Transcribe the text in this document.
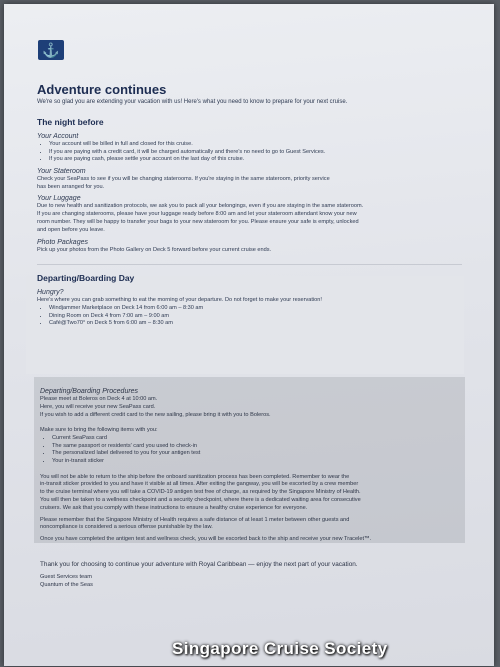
⚓
Adventure continues
We're so glad you are extending your vacation with us! Here's what you need to know to prepare for your next cruise.
The night before
Your Account
• Your account will be billed in full and closed for this cruise.
• If you are paying with a credit card, it will be charged automatically and there's no need to go to Guest Services.
• If you are paying cash, please settle your account on the last day of this cruise.
Your Stateroom

Check your SeaPass to see if you will be changing staterooms. If you're staying in the same stateroom, priority service

has been arranged for you.

Your Luggage

Due to new health and sanitization protocols, we ask you to pack all your belongings, even if you are staying in the same stateroom.

If you are changing staterooms, please have your luggage ready before 8:00 am and let your stateroom attendant know your new

room number. They will be happy to transfer your bags to your new stateroom for you. Please ensure your safe is empty, unlocked

and open before you leave.

Photo Packages

Pick up your photos from the Photo Gallery on Deck 5 forward before your current cruise ends.

Departing/Boarding Day
Hungry?

Here's where you can grab something to eat the morning of your departure. Do not forget to make your reservation!

• Windjammer Marketplace on Deck 14 from 6:00 am – 8:30 am
• Dining Room on Deck 4 from 7:00 am – 9:00 am
• Café@Two70° on Deck 5 from 6:00 am – 8:30 am
Departing/Boarding Procedures

Please meet at Boleros on Deck 4 at 10:00 am.

Here, you will receive your new SeaPass card.

If you wish to add a different credit card to the new sailing, please bring it with you to Boleros.

Make sure to bring the following items with you:

• Current SeaPass card
• The same passport or residents' card you used to check-in
• The personalized label delivered to you for your antigen test
• Your in-transit sticker

You will not be able to return to the ship before the onboard sanitization process has been completed. Remember to wear the

in-transit sticker provided to you and have it visible at all times. After exiting the gangway, you will be escorted by a crew member

to the cruise terminal where you will take a COVID-19 antigen test free of charge, as required by the Singapore Ministry of Health.

You will then be taken to a wellness checkpoint and a security checkpoint, where there is a dedicated waiting area for consecutive

cruisers. We ask that you comply with these instructions to ensure a healthy cruise experience for everyone.

Please remember that the Singapore Ministry of Health requires a safe distance of at least 1 meter between other guests and

noncompliance is considered a serious offense punishable by the law.

Once you have completed the antigen test and wellness check, you will be escorted back to the ship and receive your new Tracelet™.

Thank you for choosing to continue your adventure with Royal Caribbean — enjoy the next part of your vacation.

Guest Services team

Quantum of the Seas

Singapore Cruise Society
